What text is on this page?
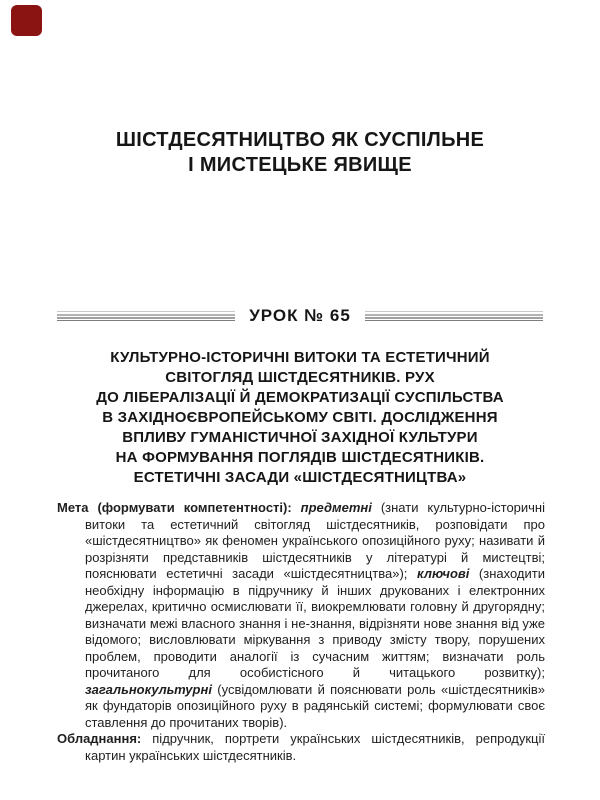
ШІСТДЕСЯТНИЦТВО ЯК СУСПІЛЬНЕ
І МИСТЕЦЬКЕ ЯВИЩЕ
УРОК № 65
КУЛЬТУРНО-ІСТОРИЧНІ ВИТОКИ ТА ЕСТЕТИЧНИЙ
СВІТОГЛЯД ШІСТДЕСЯТНИКІВ. РУХ
ДО ЛІБЕРАЛІЗАЦІЇ Й ДЕМОКРАТИЗАЦІЇ СУСПІЛЬСТВА
В ЗАХІДНОЄВРОПЕЙСЬКОМУ СВІТІ. ДОСЛІДЖЕННЯ
ВПЛИВУ ГУМАНІСТИЧНОЇ ЗАХІДНОЇ КУЛЬТУРИ
НА ФОРМУВАННЯ ПОГЛЯДІВ ШІСТДЕСЯТНИКІВ.
ЕСТЕТИЧНІ ЗАСАДИ «ШІСТДЕСЯТНИЦТВА»

Мета (формувати компетентності): предметні (знати культурно-історичні витоки та естетичний світогляд шістдесятників, розповідати про «шістдесятництво» як феномен українського опозиційного руху; називати й розрізняти представників шістдесятників у літературі й мистецтві; пояснювати естетичні засади «шістдесятництва»); ключові (знаходити необхідну інформацію в підручнику й інших друкованих і електронних джерелах, критично осмислювати її, виокремлювати головну й другорядну; визначати межі власного знання і не-знання, відрізняти нове знання від уже відомого; висловлювати міркування з приводу змісту твору, порушених проблем, проводити аналогії із сучасним життям; визначати роль прочитаного для особистісного й читацького розвитку); загальнокультурні (усвідомлювати й пояснювати роль «шістдесятників» як фундаторів опозиційного руху в радянській системі; формулювати своє ставлення до прочитаних творів).

Обладнання: підручник, портрети українських шістдесятників, репродукції картин українських шістдесятників.
